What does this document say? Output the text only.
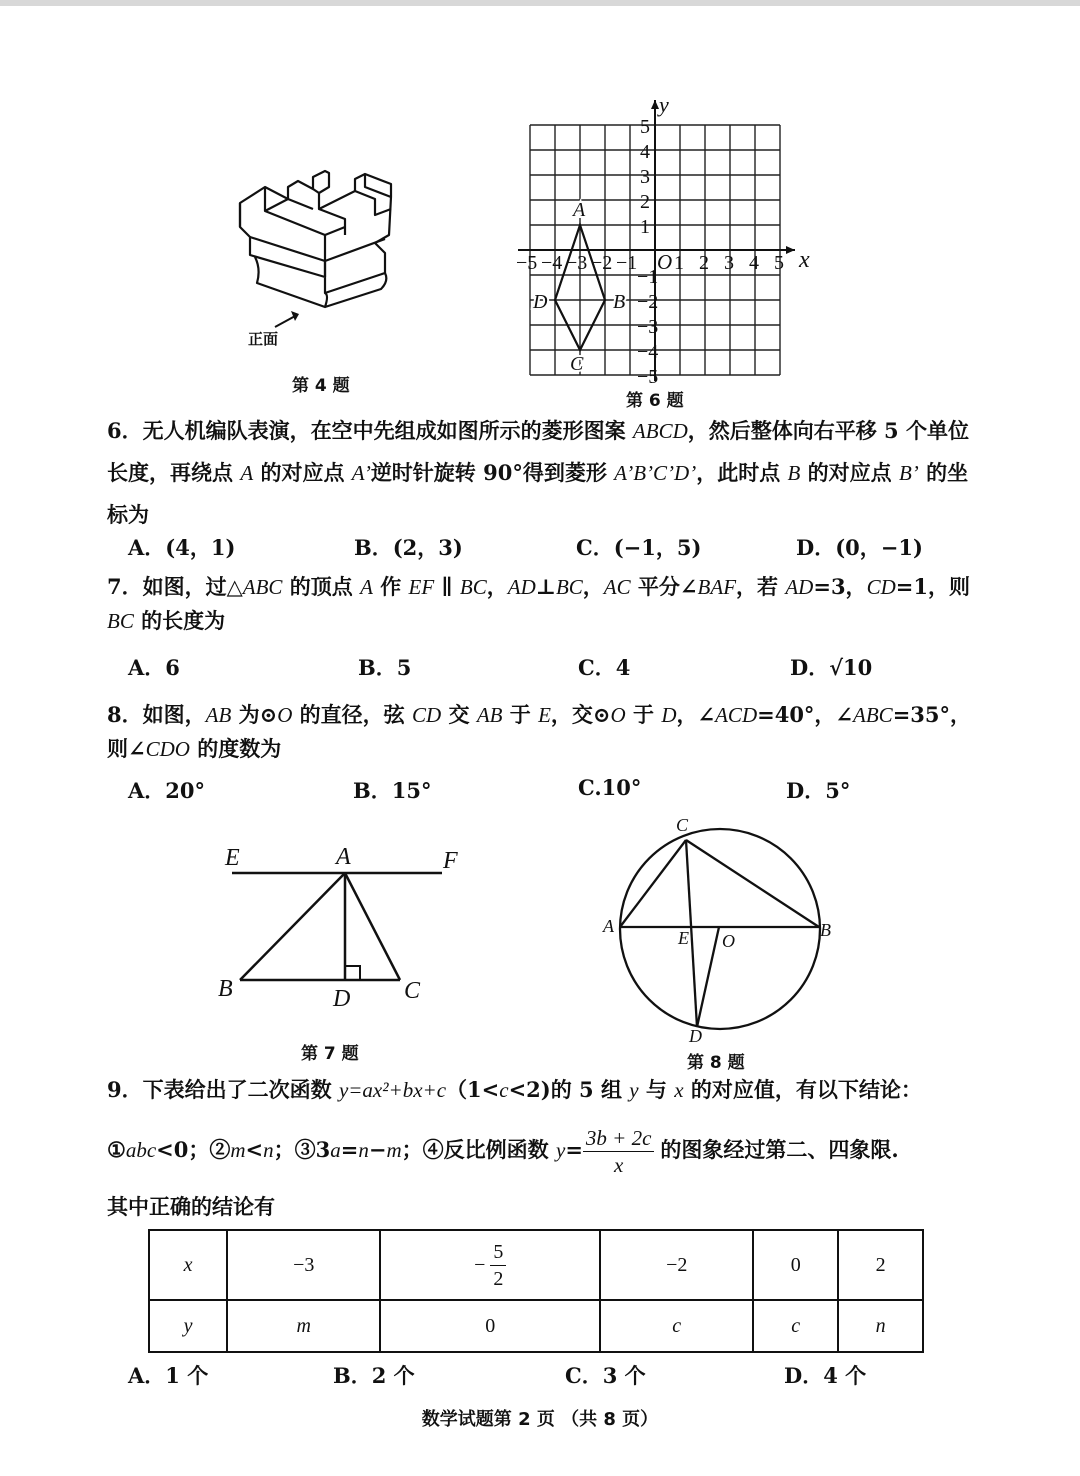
正面
第 4 题
x
y
O
−5 −4 −3 −2 −1 1 2 3 4 5
5
4
3
2
1
−1
−2
−3
−4
−5
A
B
C
D
第 6 题
6．无人机编队表演，在空中先组成如图所示的菱形图案 ABCD，然后整体向右平移 5 个单位长度，再绕点 A 的对应点 A’逆时针旋转 90°得到菱形 A’B’C’D’，此时点 B 的对应点 B’ 的坐标为
A．(4，1)	B．(2，3)	C．(−1，5)	D．(0，−1)
7．如图，过△ABC 的顶点 A 作 EF ∥ BC，AD⊥BC，AC 平分∠BAF，若 AD=3，CD=1，则 BC 的长度为
A．6	B．5	C．4	D．√10
8．如图，AB 为⊙O 的直径，弦 CD 交 AB 于 E，交⊙O 于 D，∠ACD=40°，∠ABC=35°，则∠CDO 的度数为
A．20°	B．15°	C.10°	D．5°
E	A	F
B	D C
第 7 题
C
A
E O
B
D
第 8 题
9．下表给出了二次函数 y=ax²+bx+c（1<c<2)的 5 组 y 与 x 的对应值，有以下结论：
①abc<0；②m<n；③3a=n−m；④反比例函数 $y= \frac{3b + 2c}{x}$ 的图象经过第二、四象限.
其中正确的结论有
x	−3	− $\frac{5}{2}$	−2	0	2
y	m	0	c	c	n
A．1 个	B．2 个	C．3 个	D．4 个
数学试题第 2 页 （共 8 页）
